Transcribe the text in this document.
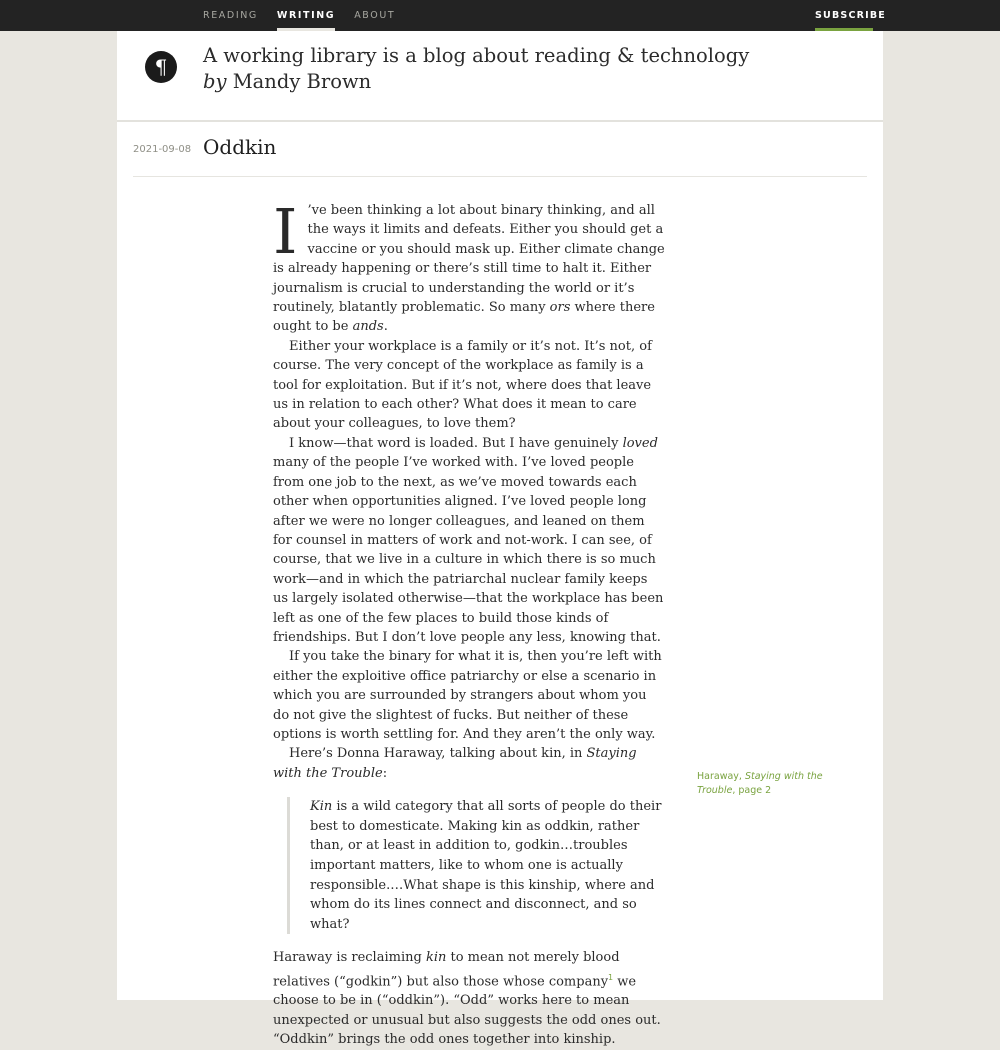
READING WRITING ABOUT	SUBSCRIBE
¶	A working library is a blog about reading & technology
by Mandy Brown
2021-09-08 Oddkin

I ’ve been thinking a lot about binary thinking, and all the ways it limits and defeats. Either you should get a vaccine or you should mask up. Either climate change is already happening or there’s still time to halt it. Either journalism is crucial to understanding the world or it’s routinely, blatantly problematic. So many ors where there ought to be ands.

Either your workplace is a family or it’s not. It’s not, of course. The very concept of the workplace as family is a tool for exploitation. But if it’s not, where does that leave us in relation to each other? What does it mean to care about your colleagues, to love them?

I know—that word is loaded. But I have genuinely loved many of the people I’ve worked with. I’ve loved people from one job to the next, as we’ve moved towards each other when opportunities aligned. I’ve loved people long after we were no longer colleagues, and leaned on them for counsel in matters of work and not-work. I can see, of course, that we live in a culture in which there is so much work—and in which the patriarchal nuclear family keeps us largely isolated otherwise—that the workplace has been left as one of the few places to build those kinds of friendships. But I don’t love people any less, knowing that.

If you take the binary for what it is, then you’re left with either the exploitive office patriarchy or else a scenario in which you are surrounded by strangers about whom you do not give the slightest of fucks. But neither of these options is worth settling for. And they aren’t the only way.

Here’s Donna Haraway, talking about kin, in Staying with the Trouble:

Kin is a wild category that all sorts of people do their best to domesticate. Making kin as oddkin, rather than, or at least in addition to, godkin…troubles important matters, like to whom one is actually responsible.…What shape is this kinship, where and whom do its lines connect and disconnect, and so what?

Haraway is reclaiming kin to mean not merely blood relatives (“godkin”) but also those whose company$^1$ we choose to be in (“oddkin”). “Odd” works here to mean unexpected or unusual but also suggests the odd ones out. “Oddkin” brings the odd ones together into kinship.

Haraway, Staying with the Trouble, page 2
